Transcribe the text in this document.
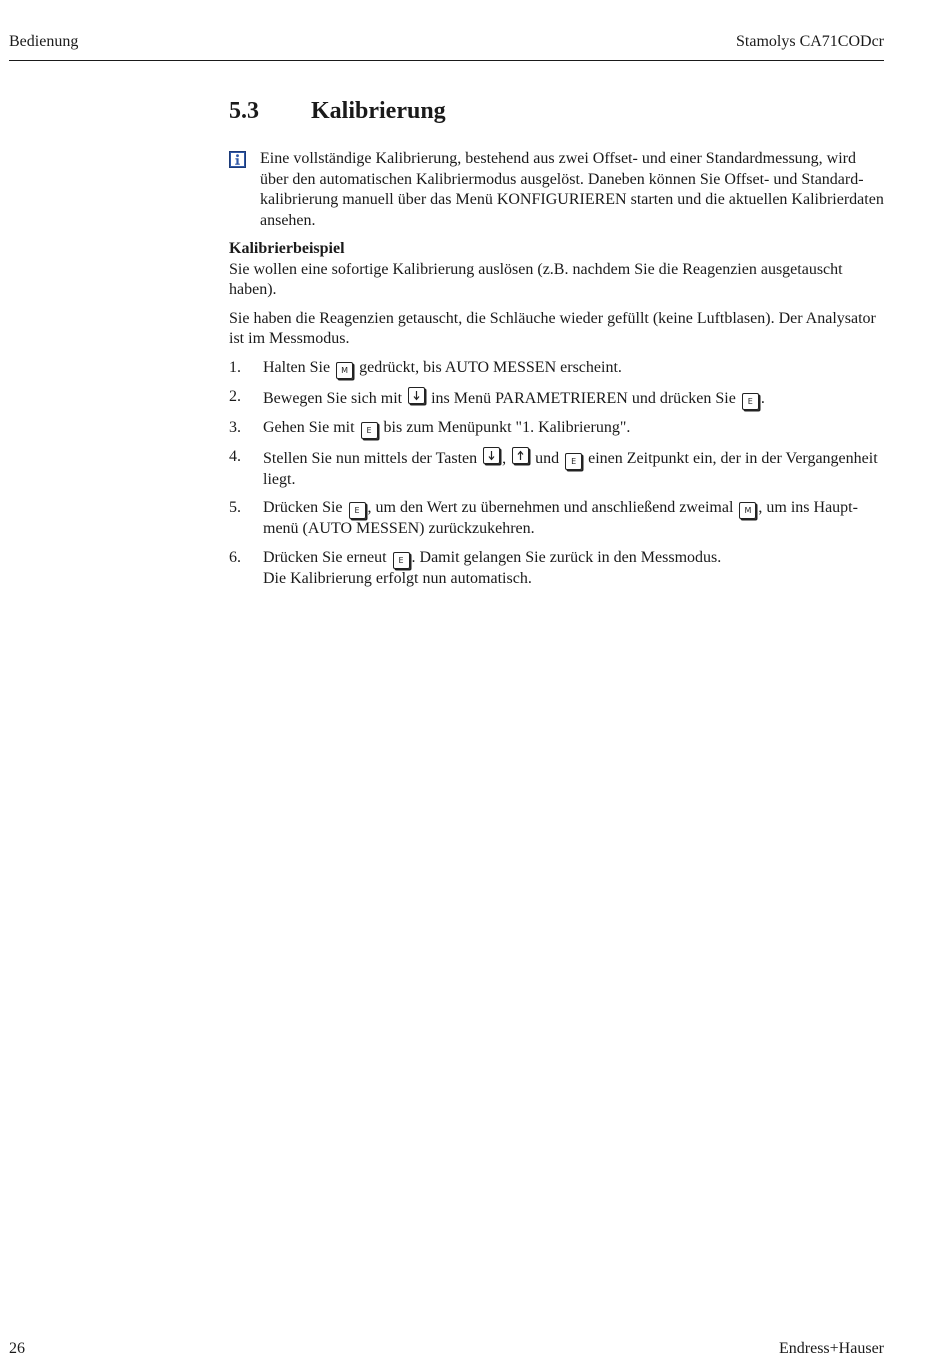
Bedienung	Stamolys CA71CODcr
5.3	Kalibrierung
Eine vollständige Kalibrierung, bestehend aus zwei Offset- und einer Standardmessung, wird über den automatischen Kalibriermodus ausgelöst. Daneben können Sie Offset- und Standardkalibrierung manuell über das Menü KONFIGURIEREN starten und die aktuellen Kalibrierdaten ansehen.
Kalibrierbeispiel

Sie wollen eine sofortige Kalibrierung auslösen (z.B. nachdem Sie die Reagenzien ausgetauscht haben).

Sie haben die Reagenzien getauscht, die Schläuche wieder gefüllt (keine Luftblasen). Der Analysator ist im Messmodus.

1.	Halten Sie M gedrückt, bis AUTO MESSEN erscheint.
2.	Bewegen Sie sich mit ins Menü PARAMETRIEREN und drücken Sie E .
3.	Gehen Sie mit E bis zum Menüpunkt "1. Kalibrierung".
4.	Stellen Sie nun mittels der Tasten , und E einen Zeitpunkt ein, der in der Vergangenheit liegt.
5.	Drücken Sie E , um den Wert zu übernehmen und anschließend zweimal M , um ins Hauptmenü (AUTO MESSEN) zurückzukehren.
6.	Drücken Sie erneut E . Damit gelangen Sie zurück in den Messmodus.
Die Kalibrierung erfolgt nun automatisch.
26	Endress+Hauser
